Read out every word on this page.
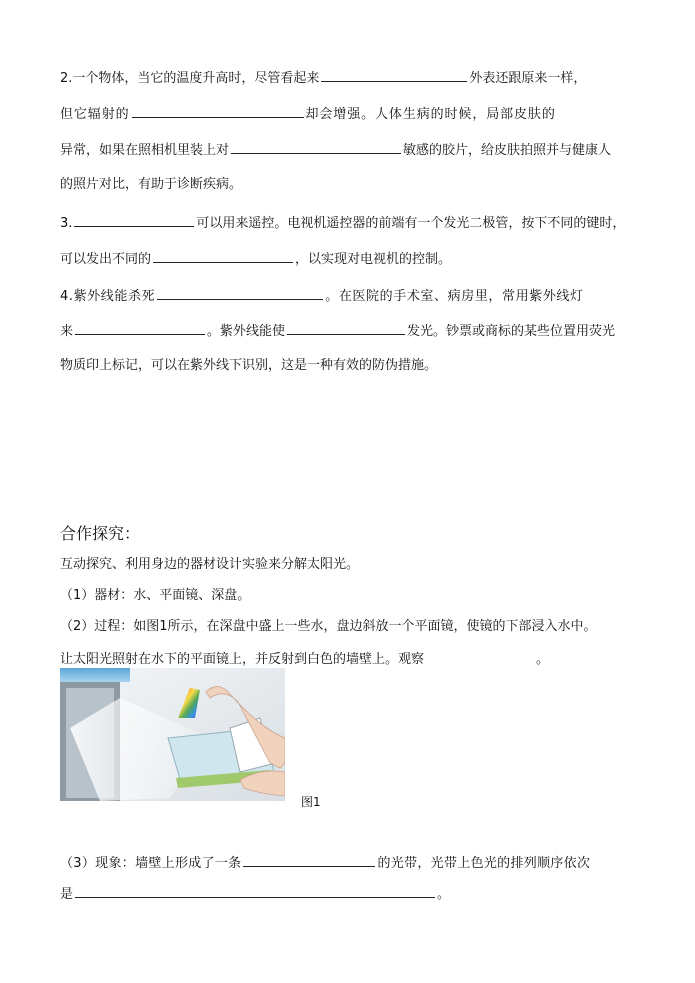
2.一个物体，当它的温度升高时，尽管看起来	外表还跟原来一样，
但它辐射的	却会增强。人体生病的时候，局部皮肤的
异常，如果在照相机里装上对	敏感的胶片，给皮肤拍照并与健康人
的照片对比，有助于诊断疾病。
3.	可以用来遥控。电视机遥控器的前端有一个发光二极管，按下不同的键时，
可以发出不同的	，以实现对电视机的控制。
4.紫外线能杀死	。在医院的手术室、病房里，常用紫外线灯
来	。紫外线能使	发光。钞票或商标的某些位置用荧光
物质印上标记，可以在紫外线下识别，这是一种有效的防伪措施。
合作探究：
互动探究、利用身边的器材设计实验来分解太阳光。
（1）器材：水、平面镜、深盘。
（2）过程：如图1所示，在深盘中盛上一些水，盘边斜放一个平面镜，使镜的下部浸入水中。
让太阳光照射在水下的平面镜上，并反射到白色的墙壁上。观察	。
图1
（3）现象：墙壁上形成了一条	的光带，光带上色光的排列顺序依次
是	。
